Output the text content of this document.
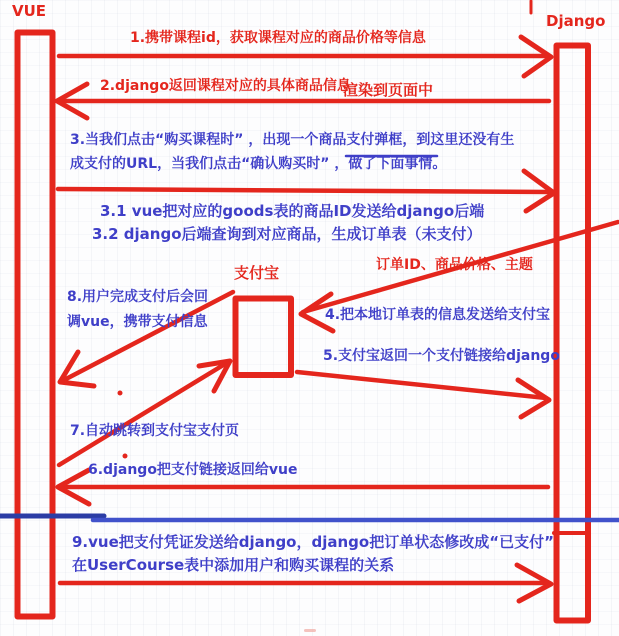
VUE
Django
支付宝
1.携带课程id，获取课程对应的商品价格等信息
2.django返回课程对应的具体商品信息
渲染到页面中
3.当我们点击“购买课程时” ，出现一个商品支付弹框，到这里还没有生
成支付的URL，当我们点击“确认购买时” ，做了下面事情。
3.1 vue把对应的goods表的商品ID发送给django后端
3.2 django后端查询到对应商品，生成订单表（未支付）
订单ID、商品价格、主题
8.用户完成支付后会回
调vue，携带支付信息	4.把本地订单表的信息发送给支付宝
5.支付宝返回一个支付链接给django
7.自动跳转到支付宝支付页
6.django把支付链接返回给vue
9.vue把支付凭证发送给django，django把订单状态修改成“已支付”
在UserCourse表中添加用户和购买课程的关系
